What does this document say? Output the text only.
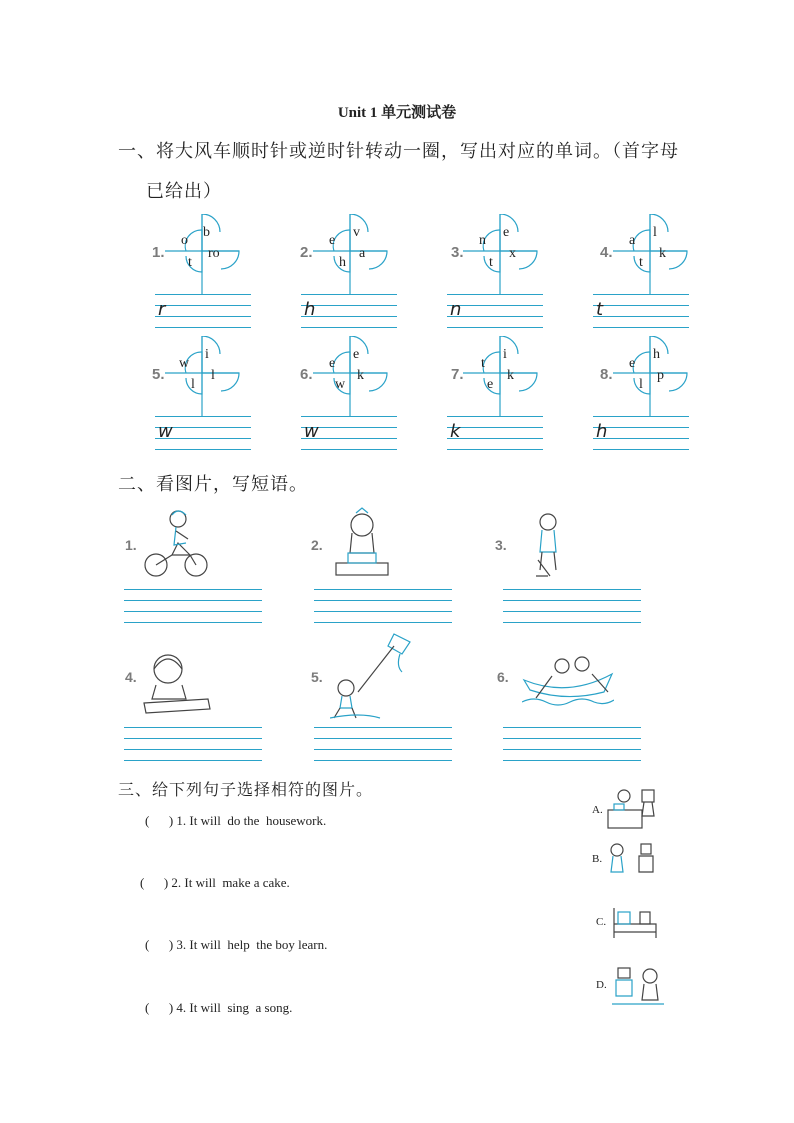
Unit 1 单元测试卷
一、将大风车顺时针或逆时针转动一圈，写出对应的单词。（首字母
已给出）
1.
o
b
t
ro
r
2.
e
v
h
a
h
3.
n
e
t
x
n
4.
a
l
t
k
t
5.
w
i
l
l
w
6.
e
e
w
k
w
7.
t
i
e
k
k
8.
e
h
l
p
h
二、看图片，写短语。
1.	2.	3.
4.	5.	6.
三、给下列句子选择相符的图片。
(      ) 1. It will  do the  housework.
(      ) 2. It will  make a cake.
(      ) 3. It will  help  the boy learn.
(      ) 4. It will  sing  a song.
A.
B.
C.
D.
